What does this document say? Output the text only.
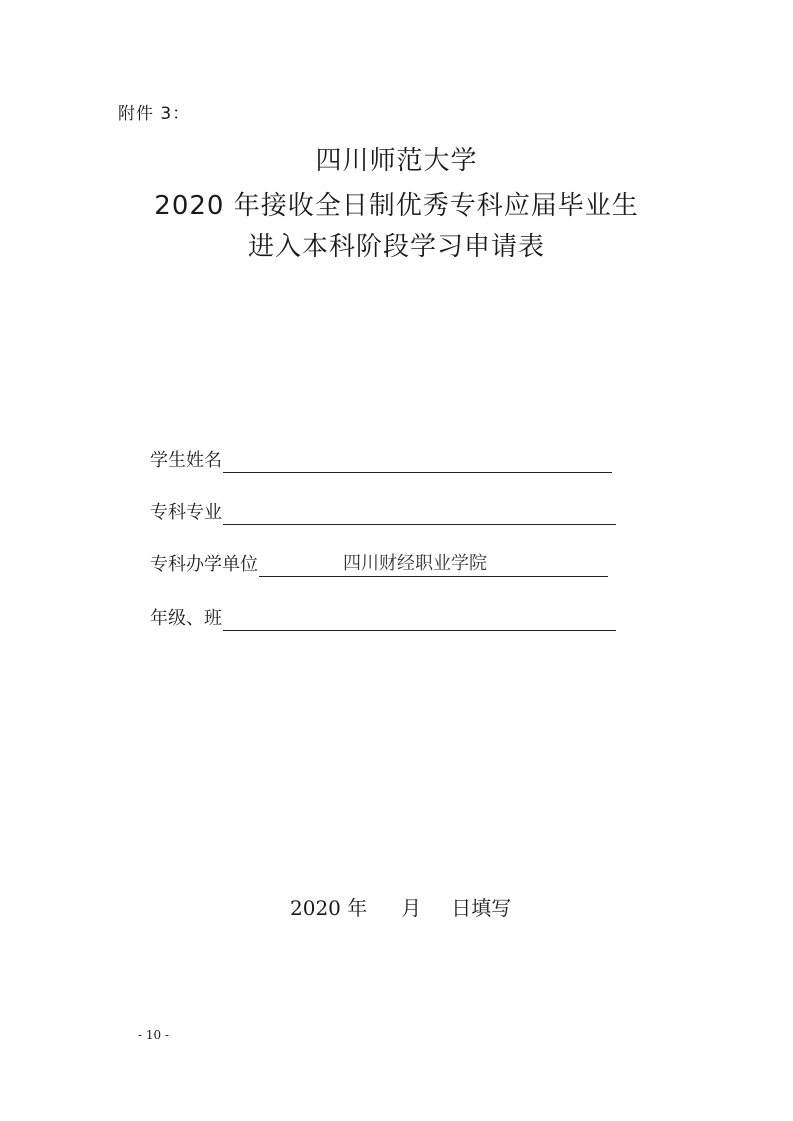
附件 3：
四川师范大学
2020 年接收全日制优秀专科应届毕业生
进入本科阶段学习申请表
学生姓名
专科专业
专科办学单位	四川财经职业学院
年级、班
2020 年 月 日填写
- 10 -
